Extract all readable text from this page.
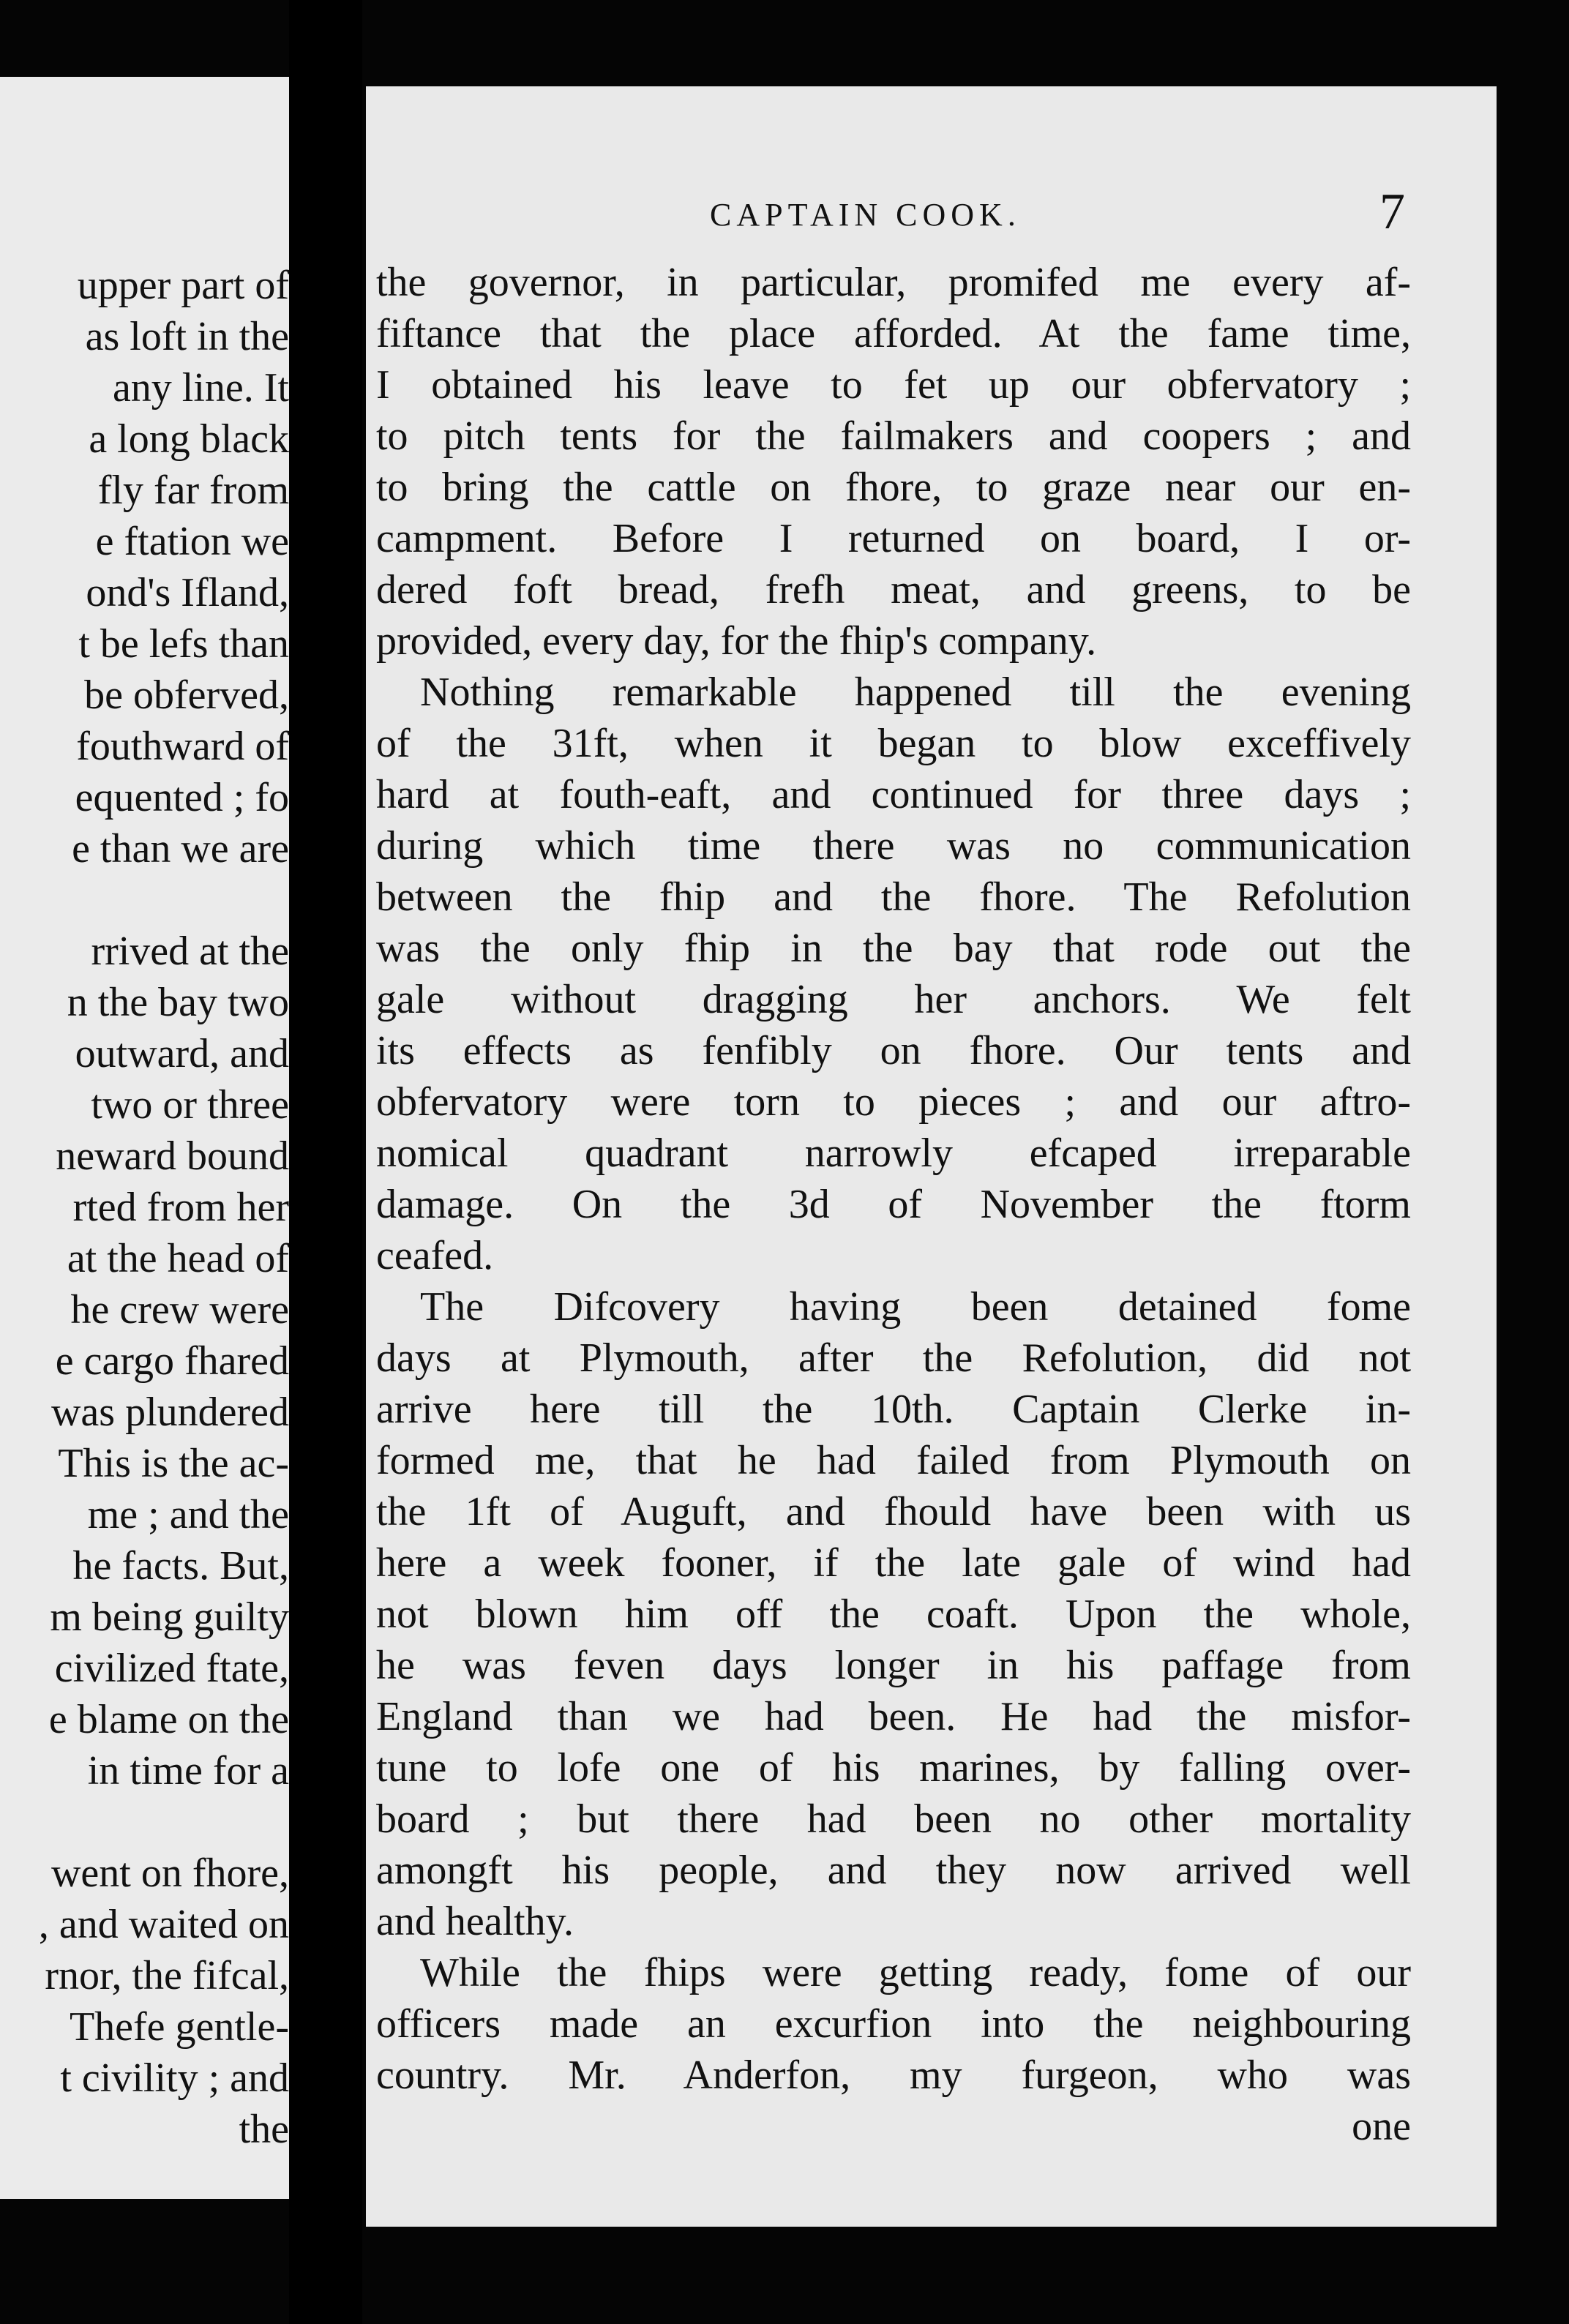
upper part of
as loft in the
any line. It
a long black
fly far from
e ftation we
ond's Ifland,
t be lefs than
be obferved,
fouthward of
equented ; fo
e than we are
rrived at the
n the bay two
outward, and
two or three
neward bound
rted from her
at the head of
he crew were
e cargo fhared
was plundered
This is the ac-
me ; and the
he facts. But,
m being guilty
civilized ftate,
e blame on the
in time for a
went on fhore,
, and waited on
rnor, the fifcal,
Thefe gentle-
t civility ; and
the
CAPTAIN COOK.	7
the governor, in particular, promifed me every af-
fiftance that the place afforded. At the fame time,
I obtained his leave to fet up our obfervatory ;
to pitch tents for the failmakers and coopers ; and
to bring the cattle on fhore, to graze near our en-
campment. Before I returned on board, I or-
dered foft bread, frefh meat, and greens, to be
provided, every day, for the fhip's company.
Nothing remarkable happened till the evening
of the 31ft, when it began to blow exceffively
hard at fouth-eaft, and continued for three days ;
during which time there was no communication
between the fhip and the fhore. The Refolution
was the only fhip in the bay that rode out the
gale without dragging her anchors. We felt
its effects as fenfibly on fhore. Our tents and
obfervatory were torn to pieces ; and our aftro-
nomical quadrant narrowly efcaped irreparable
damage. On the 3d of November the ftorm
ceafed.
The Difcovery having been detained fome
days at Plymouth, after the Refolution, did not
arrive here till the 10th. Captain Clerke in-
formed me, that he had failed from Plymouth on
the 1ft of Auguft, and fhould have been with us
here a week fooner, if the late gale of wind had
not blown him off the coaft. Upon the whole,
he was feven days longer in his paffage from
England than we had been. He had the misfor-
tune to lofe one of his marines, by falling over-
board ; but there had been no other mortality
amongft his people, and they now arrived well
and healthy.
While the fhips were getting ready, fome of our
officers made an excurfion into the neighbouring
country. Mr. Anderfon, my furgeon, who was
one
